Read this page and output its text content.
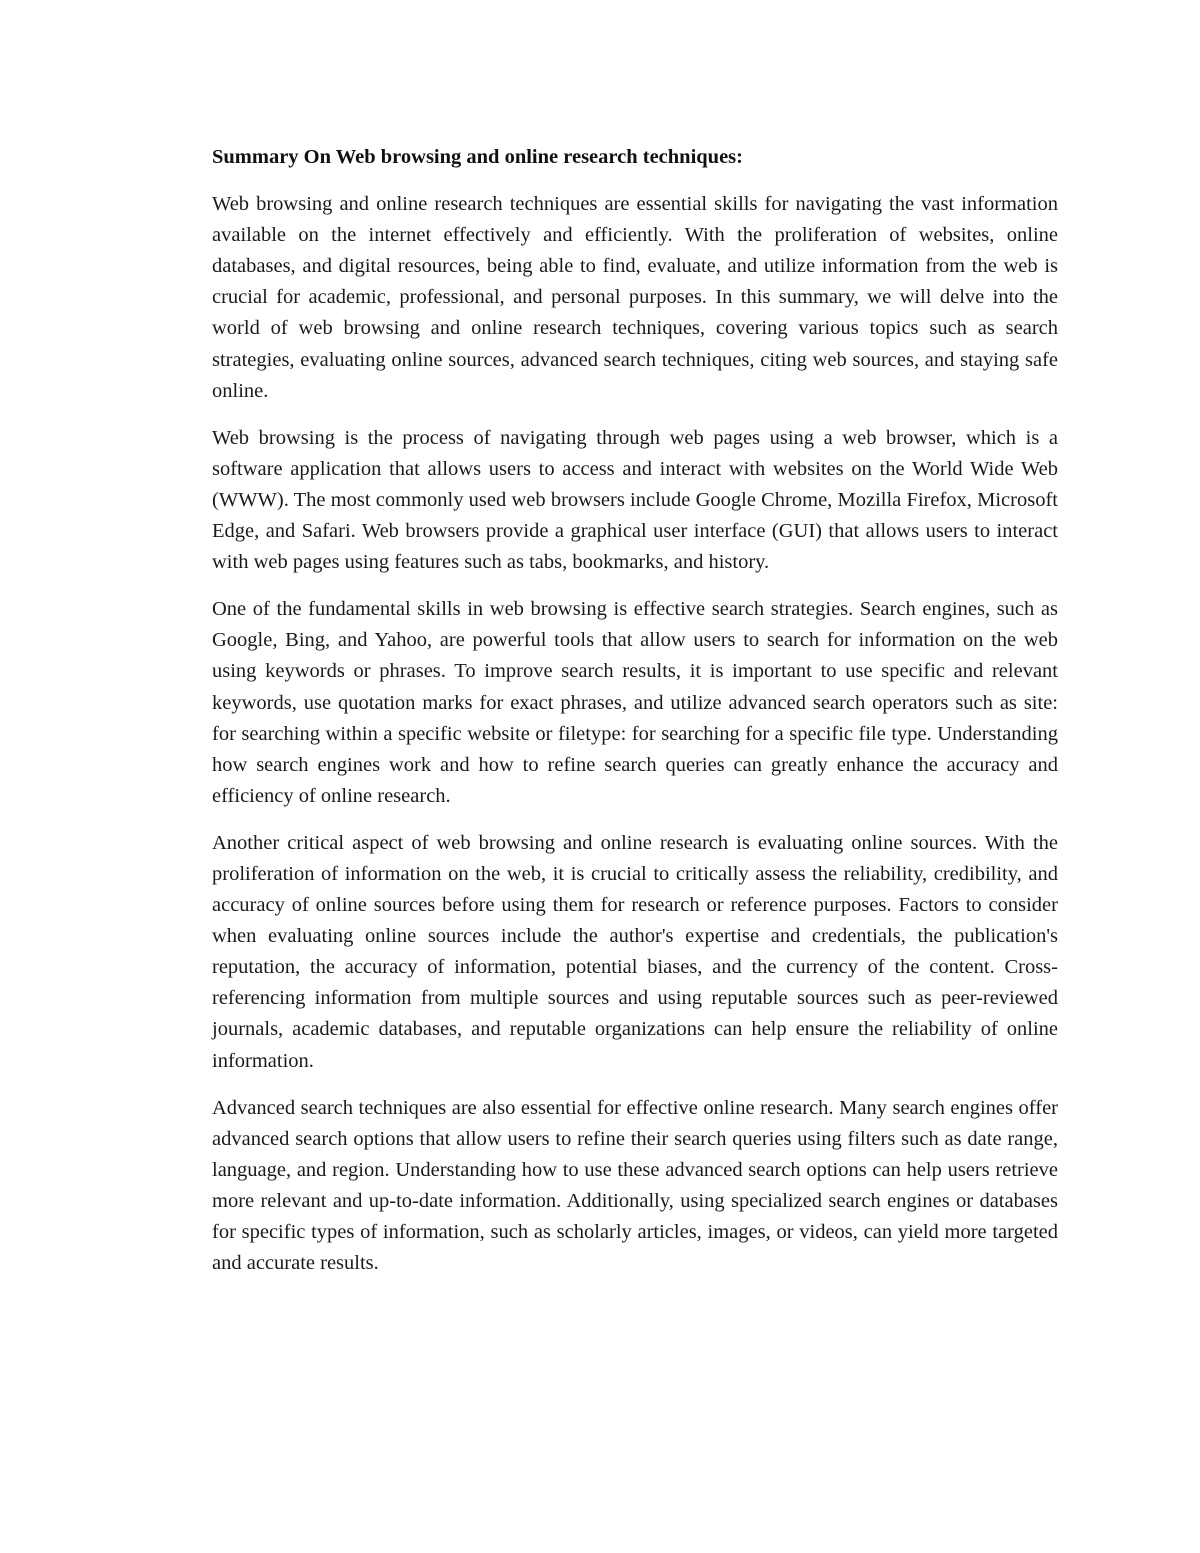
Summary On Web browsing and online research techniques:

Web browsing and online research techniques are essential skills for navigating the vast information available on the internet effectively and efficiently. With the proliferation of websites, online databases, and digital resources, being able to find, evaluate, and utilize information from the web is crucial for academic, professional, and personal purposes. In this summary, we will delve into the world of web browsing and online research techniques, covering various topics such as search strategies, evaluating online sources, advanced search techniques, citing web sources, and staying safe online.

Web browsing is the process of navigating through web pages using a web browser, which is a software application that allows users to access and interact with websites on the World Wide Web (WWW). The most commonly used web browsers include Google Chrome, Mozilla Firefox, Microsoft Edge, and Safari. Web browsers provide a graphical user interface (GUI) that allows users to interact with web pages using features such as tabs, bookmarks, and history.

One of the fundamental skills in web browsing is effective search strategies. Search engines, such as Google, Bing, and Yahoo, are powerful tools that allow users to search for information on the web using keywords or phrases. To improve search results, it is important to use specific and relevant keywords, use quotation marks for exact phrases, and utilize advanced search operators such as site: for searching within a specific website or filetype: for searching for a specific file type. Understanding how search engines work and how to refine search queries can greatly enhance the accuracy and efficiency of online research.

Another critical aspect of web browsing and online research is evaluating online sources. With the proliferation of information on the web, it is crucial to critically assess the reliability, credibility, and accuracy of online sources before using them for research or reference purposes. Factors to consider when evaluating online sources include the author's expertise and credentials, the publication's reputation, the accuracy of information, potential biases, and the currency of the content. Cross-referencing information from multiple sources and using reputable sources such as peer-reviewed journals, academic databases, and reputable organizations can help ensure the reliability of online information.

Advanced search techniques are also essential for effective online research. Many search engines offer advanced search options that allow users to refine their search queries using filters such as date range, language, and region. Understanding how to use these advanced search options can help users retrieve more relevant and up-to-date information. Additionally, using specialized search engines or databases for specific types of information, such as scholarly articles, images, or videos, can yield more targeted and accurate results.
